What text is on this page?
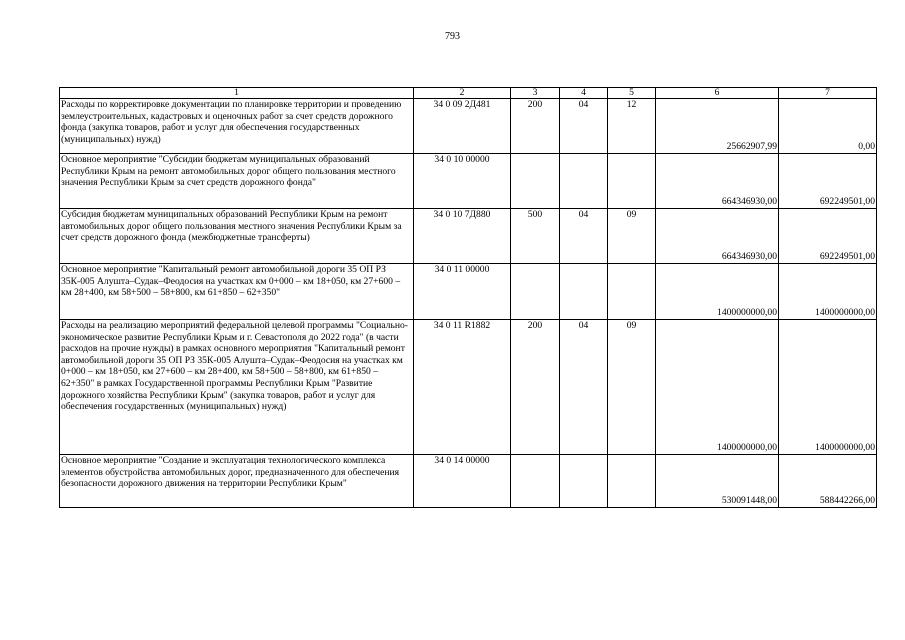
793
1	2	3	4	5	6	7
Расходы по корректировке документации по планировке территории и проведению землеустроительных, кадастровых и оценочных работ за счет средств дорожного фонда (закупка товаров, работ и услуг для обеспечения государственных (муниципальных) нужд)	34 0 09 2Д481	200	04	12	25662907,99	0,00
Основное мероприятие "Субсидии бюджетам муниципальных образований Республики Крым на ремонт автомобильных дорог общего пользования местного значения Республики Крым за счет средств дорожного фонда"	34 0 10 00000				664346930,00	692249501,00
Субсидия бюджетам муниципальных образований Республики Крым на ремонт автомобильных дорог общего пользования местного значения Республики Крым за счет средств дорожного фонда (межбюджетные трансферты)	34 0 10 7Д880	500	04	09	664346930,00	692249501,00
Основное мероприятие "Капитальный ремонт автомобильной дороги 35 ОП РЗ 35К-005 Алушта–Судак–Феодосия на участках км 0+000 – км 18+050, км 27+600 – км 28+400, км 58+500 – 58+800, км 61+850 – 62+350"	34 0 11 00000				1400000000,00	1400000000,00
Расходы на реализацию мероприятий федеральной целевой программы "Социально-экономическое развитие Республики Крым и г. Севастополя до 2022 года" (в части расходов на прочие нужды) в рамках основного мероприятия "Капитальный ремонт автомобильной дороги 35 ОП РЗ 35К-005 Алушта–Судак–Феодосия на участках км 0+000 – км 18+050, км 27+600 – км 28+400, км 58+500 – 58+800, км 61+850 – 62+350" в рамках Государственной программы Республики Крым "Развитие дорожного хозяйства Республики Крым" (закупка товаров, работ и услуг для обеспечения государственных (муниципальных) нужд)	34 0 11 R1882	200	04	09	1400000000,00	1400000000,00
Основное мероприятие "Создание и эксплуатация технологического комплекса элементов обустройства автомобильных дорог, предназначенного для обеспечения безопасности дорожного движения на территории Республики Крым"	34 0 14 00000				530091448,00	588442266,00
